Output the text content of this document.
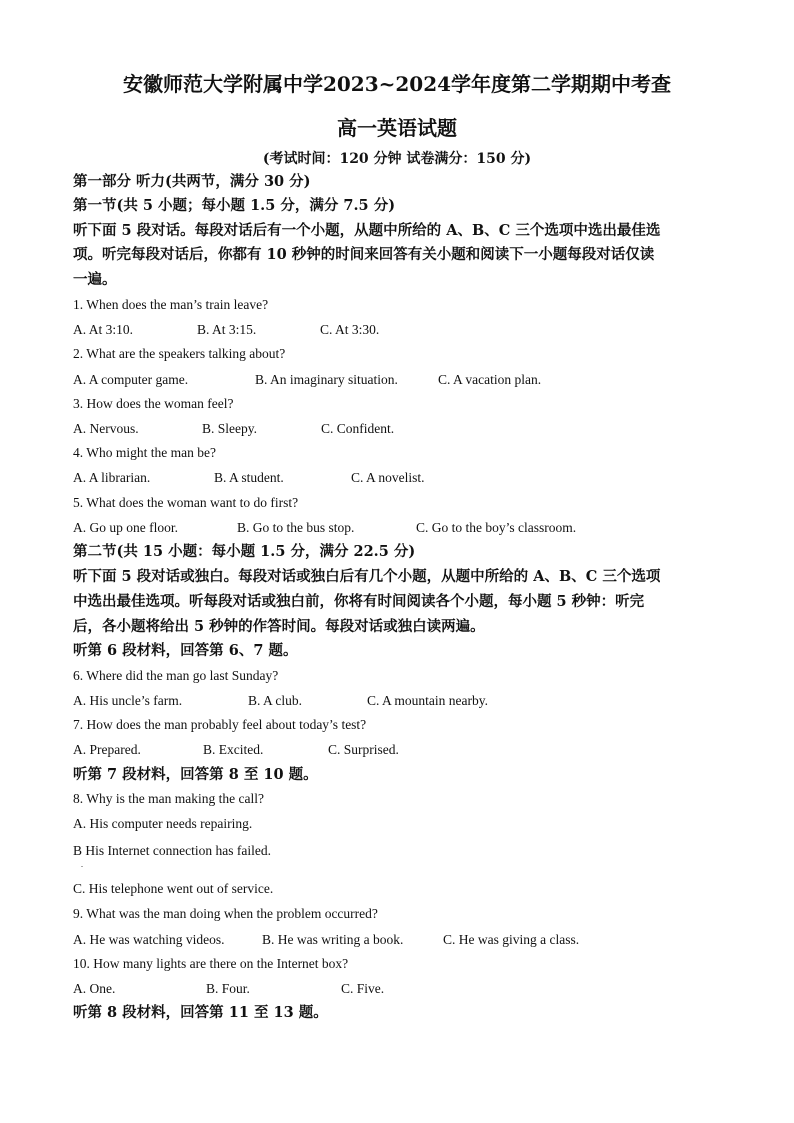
安徽师范大学附属中学2023~2024学年度第二学期期中考查
高一英语试题
(考试时间：120 分钟 试卷满分：150 分)
第一部分 听力(共两节，满分 30 分)
第一节(共 5 小题；每小题 1.5 分，满分 7.5 分)
听下面 5 段对话。每段对话后有一个小题，从题中所给的 A、B、C 三个选项中选出最佳选
项。听完每段对话后，你都有 10 秒钟的时间来回答有关小题和阅读下一小题每段对话仅读
一遍。
1. When does the man’s train leave?
A. At 3:10.	B. At 3:15.	C. At 3:30.
2. What are the speakers talking about?
A. A computer game.	B. An imaginary situation.	C. A vacation plan.
3. How does the woman feel?
A. Nervous.	B. Sleepy.	C. Confident.
4. Who might the man be?
A. A librarian.	B. A student.	C. A novelist.
5. What does the woman want to do first?
A. Go up one floor.	B. Go to the bus stop.	C. Go to the boy’s classroom.
第二节(共 15 小题：每小题 1.5 分，满分 22.5 分)
听下面 5 段对话或独白。每段对话或独白后有几个小题，从题中所给的 A、B、C 三个选项
中选出最佳选项。听每段对话或独白前，你将有时间阅读各个小题，每小题 5 秒钟：听完
后，各小题将给出 5 秒钟的作答时间。每段对话或独白读两遍。
听第 6 段材料，回答第 6、7 题。
6. Where did the man go last Sunday?
A. His uncle’s farm.	B. A club.	C. A mountain nearby.
7. How does the man probably feel about today’s test?
A. Prepared.	B. Excited.	C. Surprised.
听第 7 段材料，回答第 8 至 10 题。
8. Why is the man making the call?
A. His computer needs repairing.
B His Internet connection has failed.
.
C. His telephone went out of service.
9. What was the man doing when the problem occurred?
A. He was watching videos.	B. He was writing a book.	C. He was giving a class.
10. How many lights are there on the Internet box?
A. One.	B. Four.	C. Five.
听第 8 段材料，回答第 11 至 13 题。
